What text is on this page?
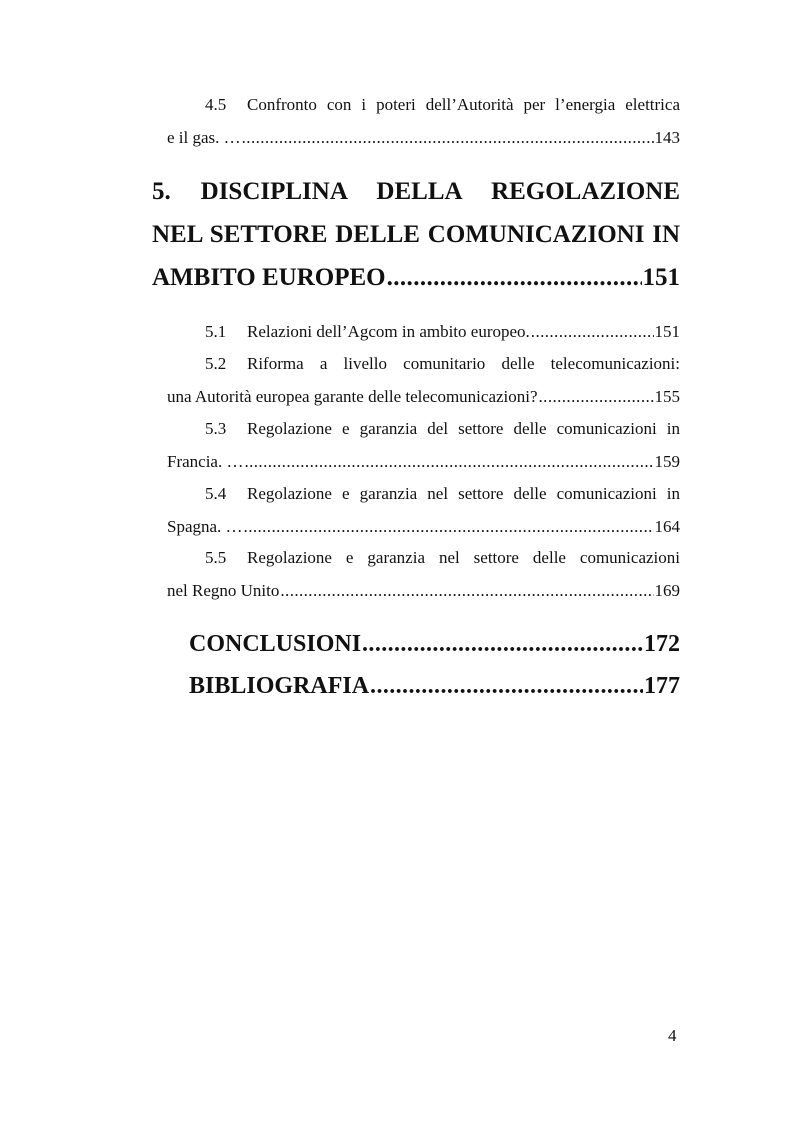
4.5	Confronto con i poteri dell’Autorità per l’energia elettrica
e il gas. … .....	143
5. DISCIPLINA DELLA REGOLAZIONE
NEL SETTORE DELLE COMUNICAZIONI IN
AMBITO EUROPEO .....	151
5.1	Relazioni dell’Agcom in ambito europeo. .....	151
5.2	Riforma a livello comunitario delle telecomunicazioni:
una Autorità europea garante delle telecomunicazioni? .....	155
5.3	Regolazione e garanzia del settore delle comunicazioni in
Francia. … .....	159
5.4	Regolazione e garanzia nel settore delle comunicazioni in
Spagna. … .....	164
5.5	Regolazione e garanzia nel settore delle comunicazioni
nel Regno Unito .....	169
CONCLUSIONI .....	172
BIBLIOGRAFIA .....	177
4
